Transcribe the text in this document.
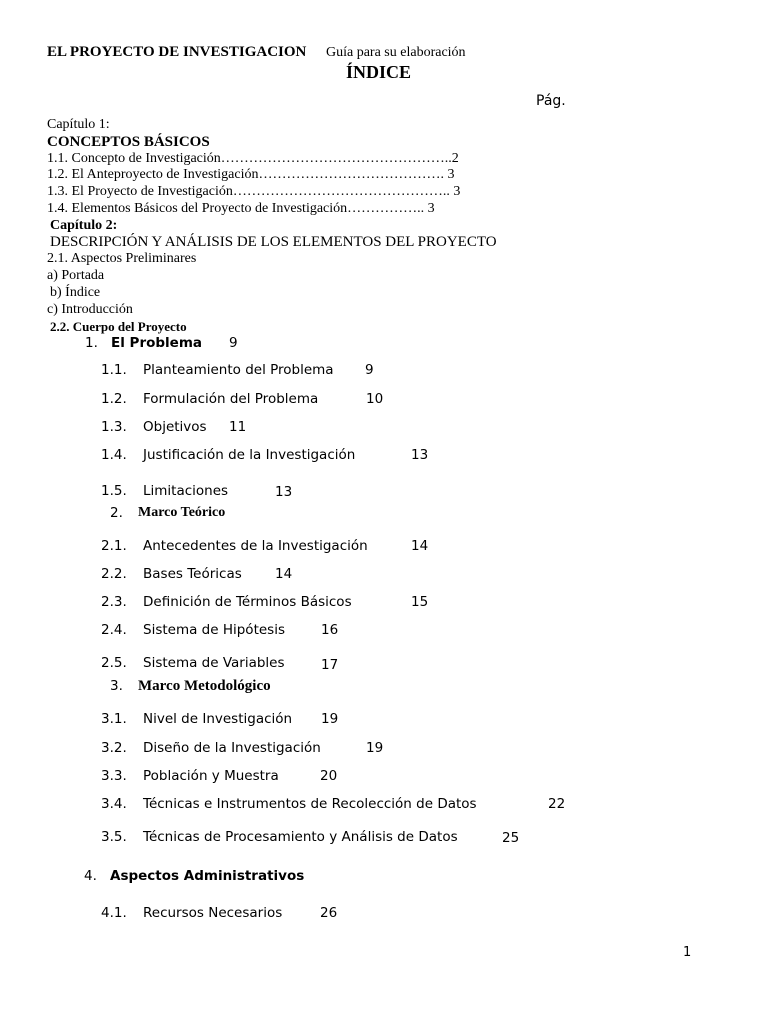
EL PROYECTO DE INVESTIGACION Guía para su elaboración
ÍNDICE
Pág.
Capítulo 1:
CONCEPTOS BÁSICOS
1.1. Concepto de Investigación…………………………………………..2
1.2. El Anteproyecto de Investigación…………………………………. 3
1.3. El Proyecto de Investigación……………………………………….. 3
1.4. Elementos Básicos del Proyecto de Investigación…………….. 3
Capítulo 2:
DESCRIPCIÓN Y ANÁLISIS DE LOS ELEMENTOS DEL PROYECTO
2.1. Aspectos Preliminares
a) Portada
b) Índice
c) Introducción
2.2. Cuerpo del Proyecto
1. El Problema 9
1.1. Planteamiento del Problema 9
1.2. Formulación del Problema	10
1.3. Objetivos 11
1.4. Justificación de la Investigación	13
1.5. Limitaciones	13
2. Marco Teórico
2.1. Antecedentes de la Investigación	14
2.2. Bases Teóricas 14
2.3. Definición de Términos Básicos	15
2.4. Sistema de Hipótesis	16
2.5. Sistema de Variables	17
3. Marco Metodológico
3.1. Nivel de Investigación 19
3.2. Diseño de la Investigación	19
3.3. Población y Muestra	20
3.4. Técnicas e Instrumentos de Recolección de Datos	22
3.5. Técnicas de Procesamiento y Análisis de Datos	25
4. Aspectos Administrativos
4.1. Recursos Necesarios	26
1
